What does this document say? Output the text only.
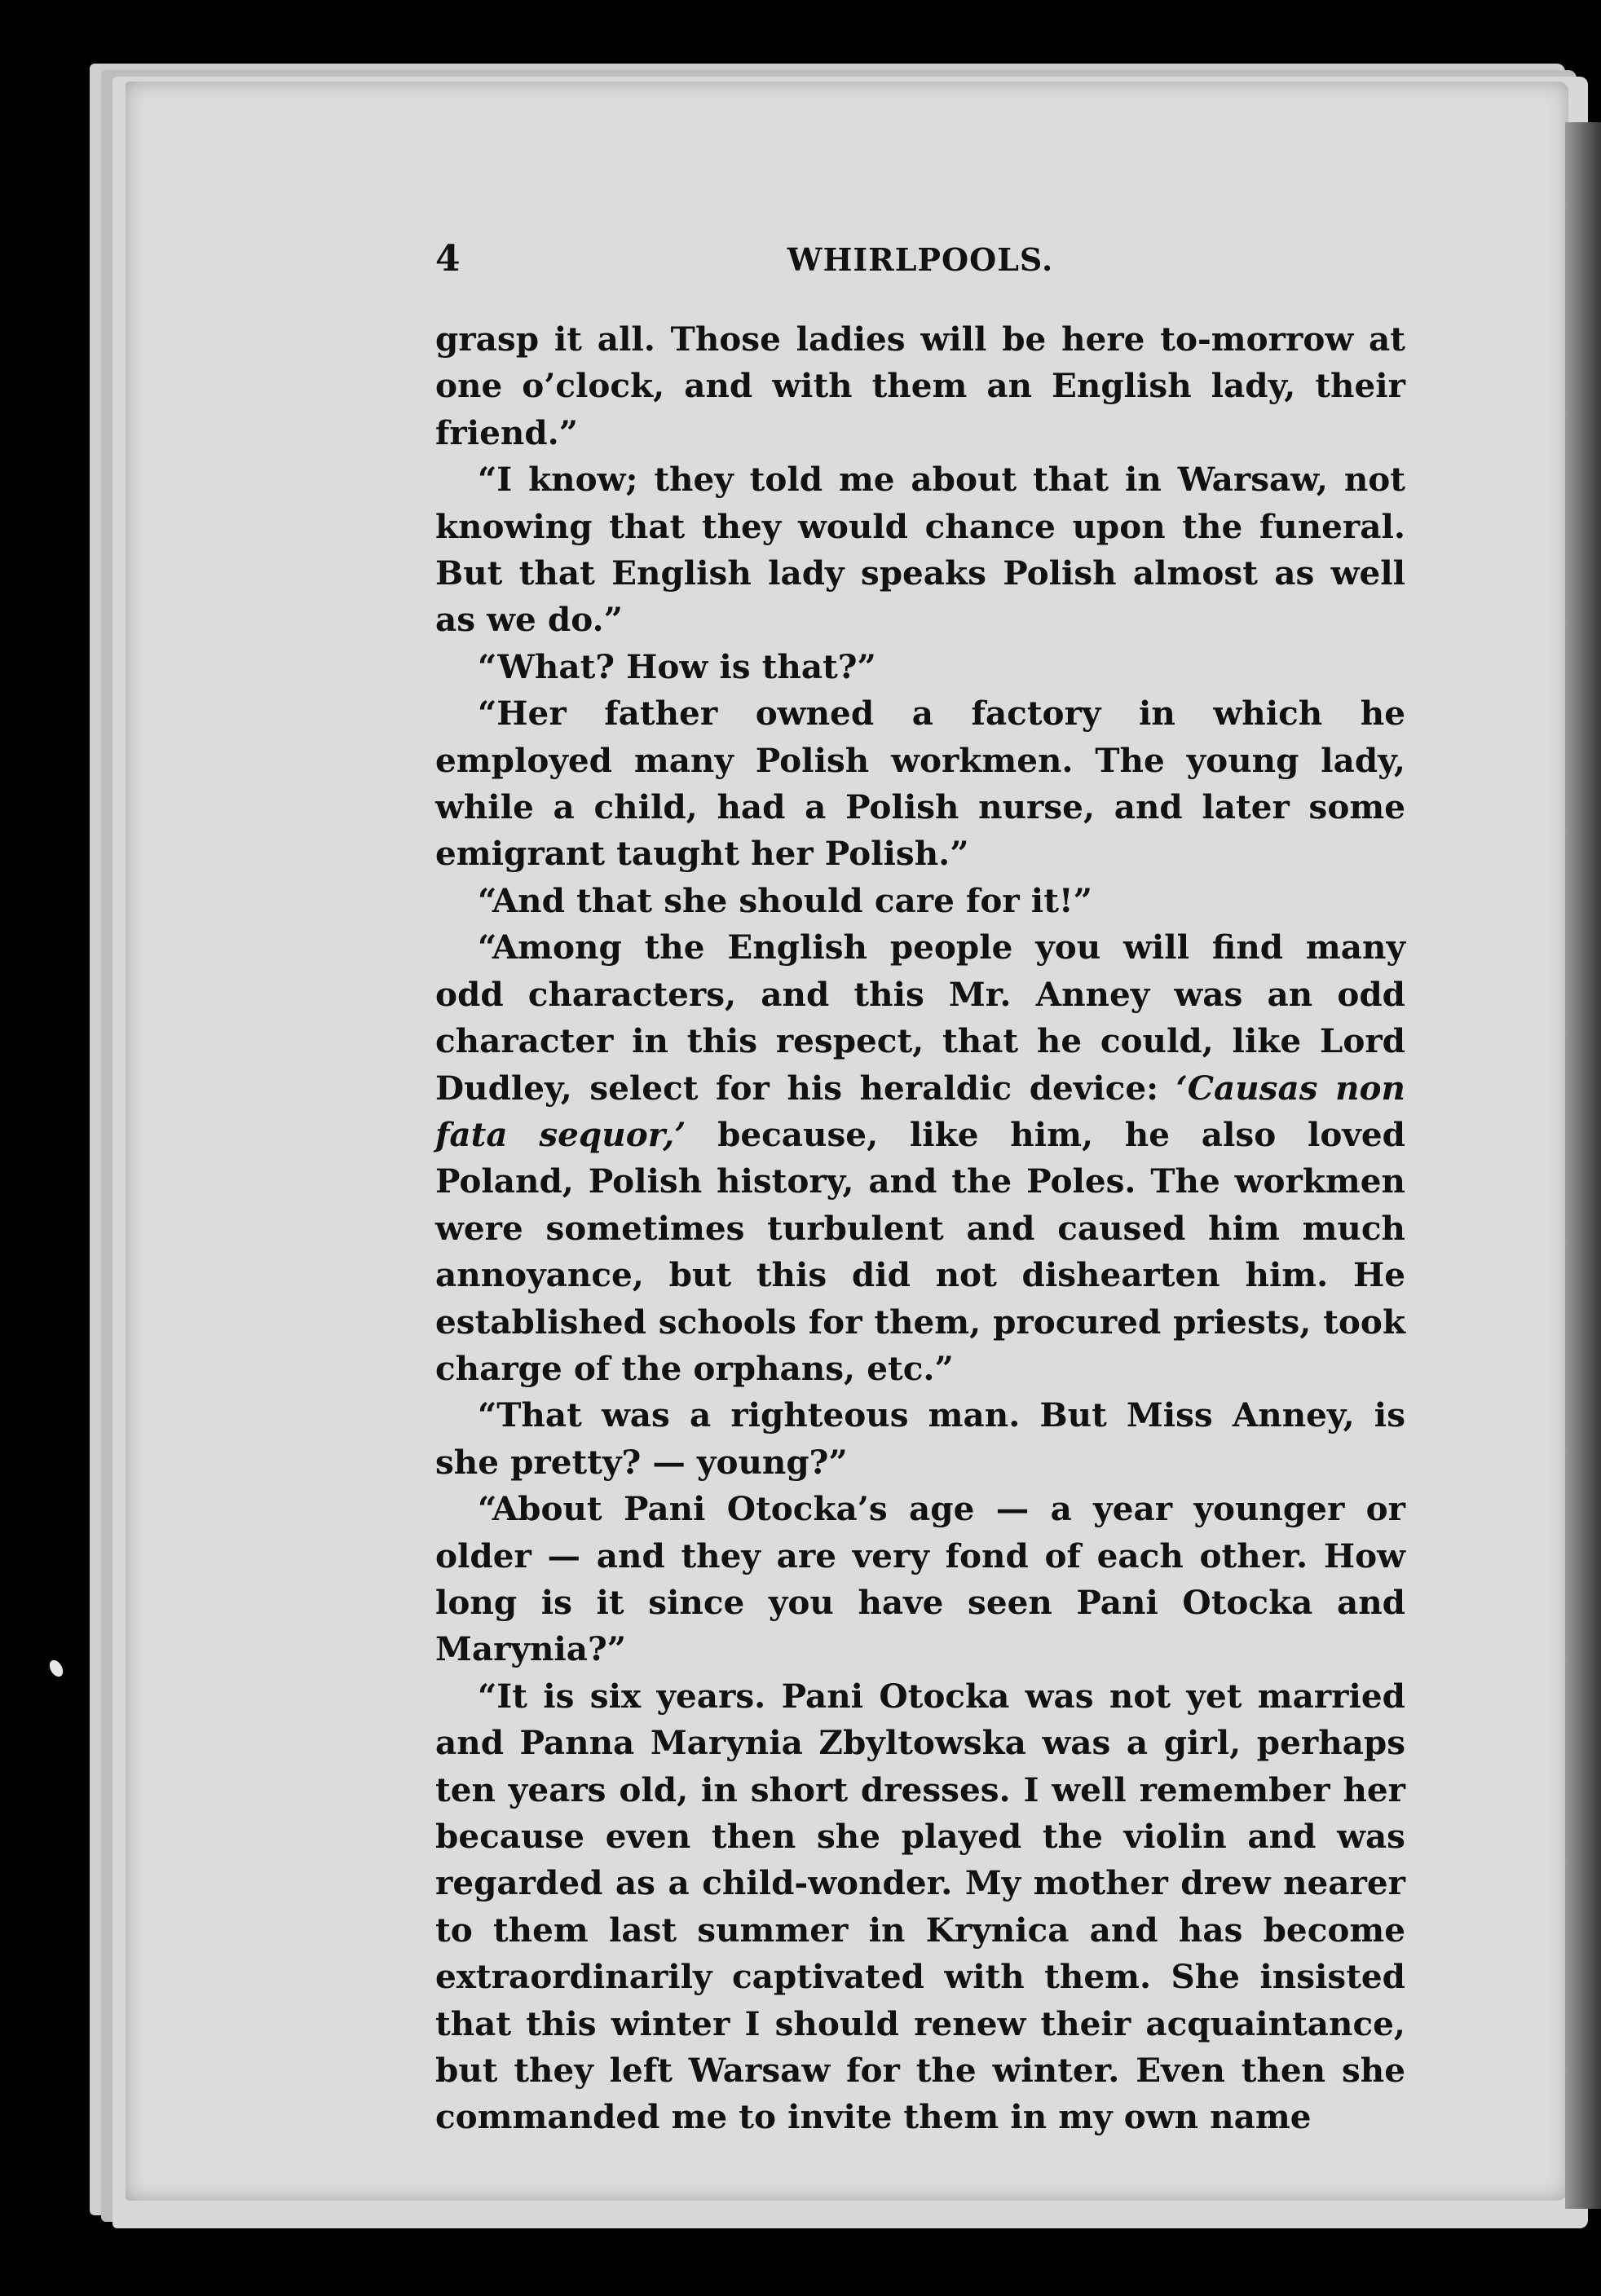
4	WHIRLPOOLS.

grasp it all. Those ladies will be here to-morrow at one o’clock, and with them an English lady, their friend.”

“I know; they told me about that in Warsaw, not knowing that they would chance upon the funeral. But that English lady speaks Polish almost as well as we do.”

“What? How is that?”

“Her father owned a factory in which he employed many Polish workmen. The young lady, while a child, had a Polish nurse, and later some emigrant taught her Polish.”

“And that she should care for it!”

“Among the English people you will find many odd characters, and this Mr. Anney was an odd character in this respect, that he could, like Lord Dudley, select for his heraldic device: ‘Causas non fata sequor,’ because, like him, he also loved Poland, Polish history, and the Poles. The workmen were sometimes turbulent and caused him much annoyance, but this did not dishearten him. He established schools for them, procured priests, took charge of the orphans, etc.”

“That was a righteous man. But Miss Anney, is she pretty? — young?”

“About Pani Otocka’s age — a year younger or older — and they are very fond of each other. How long is it since you have seen Pani Otocka and Marynia?”

“It is six years. Pani Otocka was not yet married and Panna Marynia Zbyltowska was a girl, perhaps ten years old, in short dresses. I well remember her because even then she played the violin and was regarded as a child-wonder. My mother drew nearer to them last summer in Krynica and has become extraordinarily captivated with them. She insisted that this winter I should renew their acquaintance, but they left Warsaw for the winter. Even then she commanded me to invite them in my own name
